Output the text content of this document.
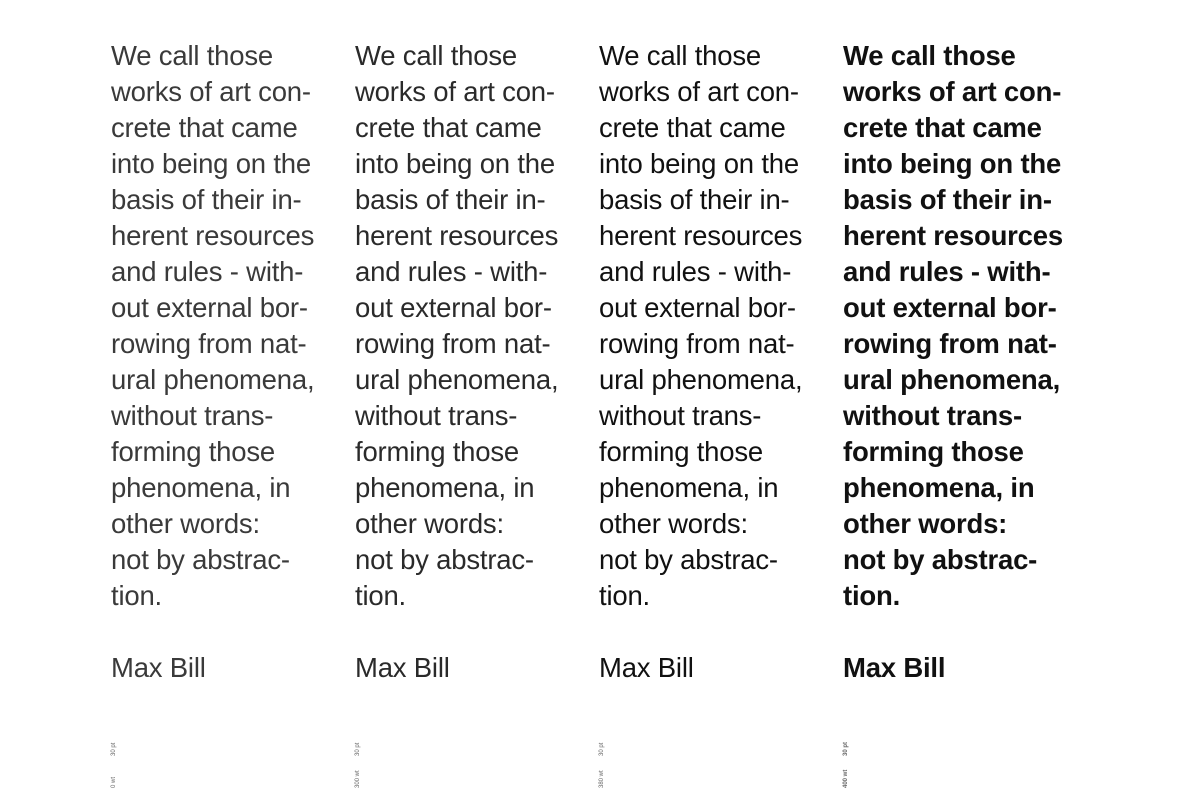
We call those
works of art con-
crete that came
into being on the
basis of their in-
herent resources
and rules - with-
out external bor-
rowing from nat-
ural phenomena,
without trans-
forming those
phenomena, in
other words:
not by abstrac-
tion.

Max Bill
30 pt
0 wt

We call those
works of art con-
crete that came
into being on the
basis of their in-
herent resources
and rules - with-
out external bor-
rowing from nat-
ural phenomena,
without trans-
forming those
phenomena, in
other words:
not by abstrac-
tion.

Max Bill
30 pt
300 wt

We call those
works of art con-
crete that came
into being on the
basis of their in-
herent resources
and rules - with-
out external bor-
rowing from nat-
ural phenomena,
without trans-
forming those
phenomena, in
other words:
not by abstrac-
tion.

Max Bill
30 pt
380 wt

We call those
works of art con-
crete that came
into being on the
basis of their in-
herent resources
and rules - with-
out external bor-
rowing from nat-
ural phenomena,
without trans-
forming those
phenomena, in
other words:
not by abstrac-
tion.

Max Bill
30 pt
400 wt
